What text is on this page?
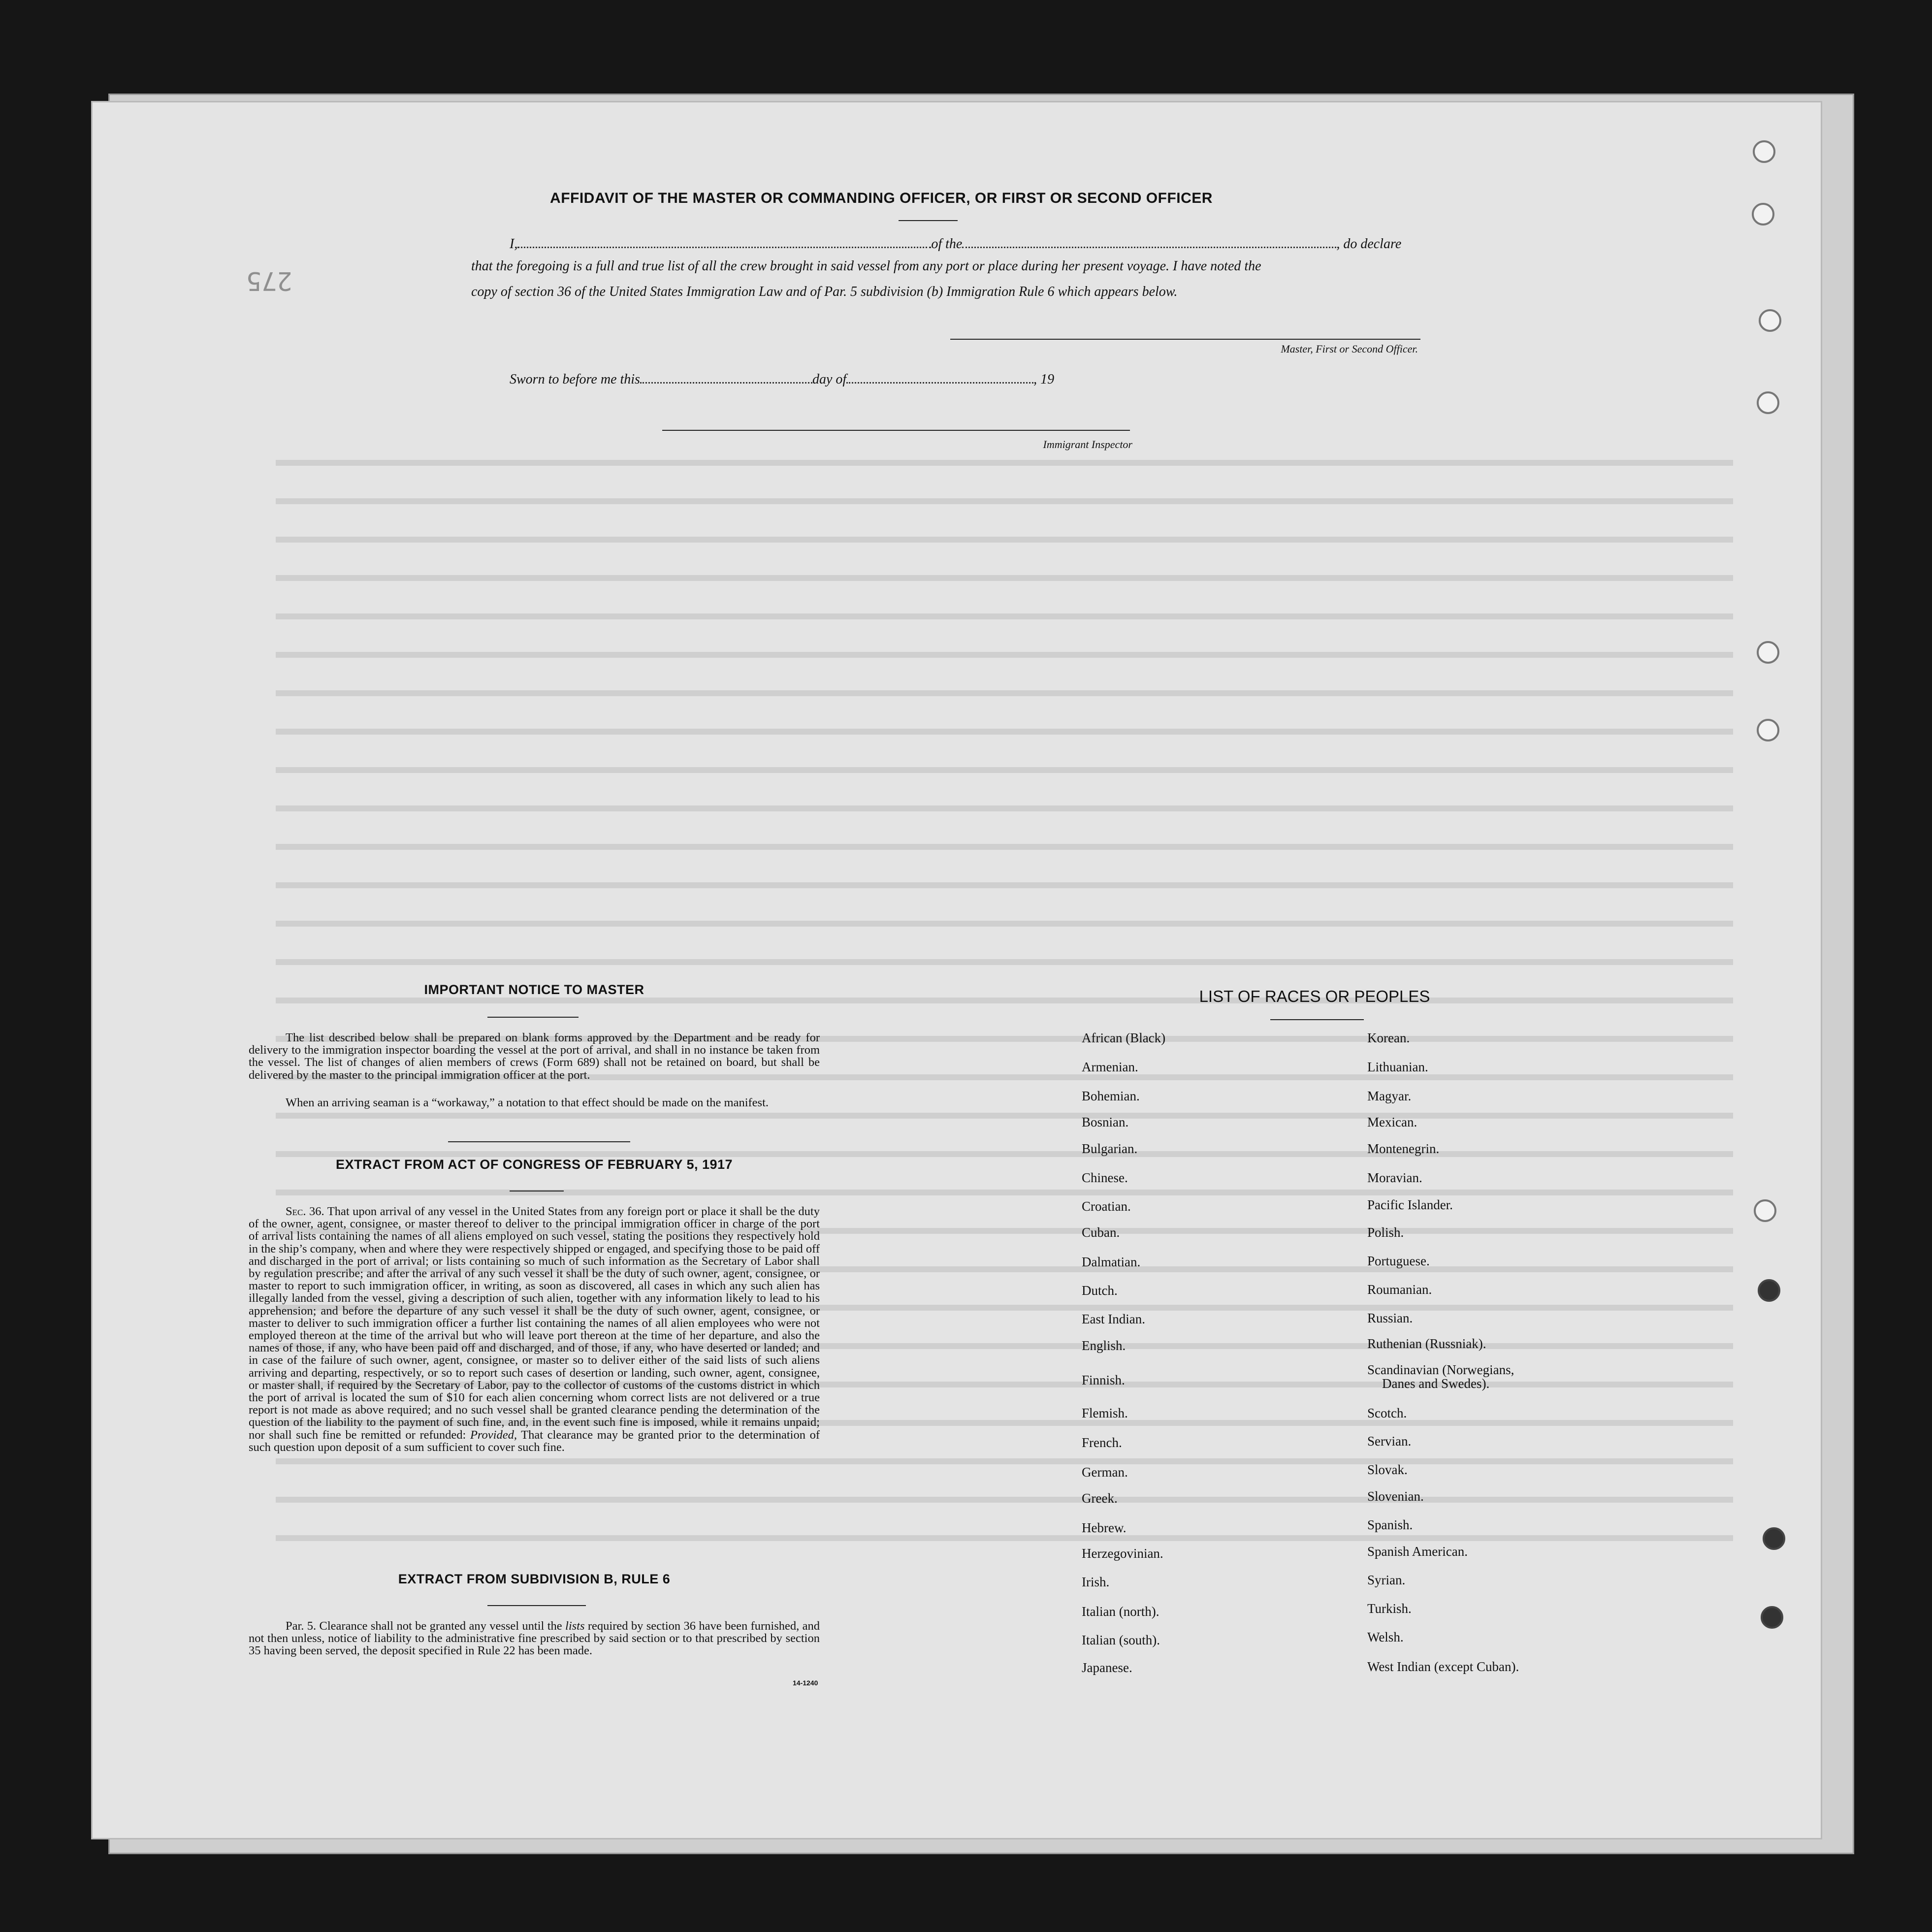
275
AFFIDAVIT OF THE MASTER OR COMMANDING OFFICER, OR FIRST OR SECOND OFFICER
I,	of the	, do declare
that the foregoing is a full and true list of all the crew brought in said vessel from any port or place during her present voyage. I have noted the
copy of section 36 of the United States Immigration Law and of Par. 5 subdivision (b) Immigration Rule 6 which appears below.
Master, First or Second Officer.
Sworn to before me this	day of	, 19
Immigrant Inspector
IMPORTANT NOTICE TO MASTER
The list described below shall be prepared on blank forms approved by the Department and be ready for delivery to the immigration inspector boarding the vessel at the port of arrival, and shall in no instance be taken from the vessel. The list of changes of alien members of crews (Form 689) shall not be retained on board, but shall be delivered by the master to the principal immigration officer at the port.
When an arriving seaman is a “workaway,” a notation to that effect should be made on the manifest.
EXTRACT FROM ACT OF CONGRESS OF FEBRUARY 5, 1917
Sec. 36. That upon arrival of any vessel in the United States from any foreign port or place it shall be the duty of the owner, agent, consignee, or master thereof to deliver to the principal immigration officer in charge of the port of arrival lists containing the names of all aliens employed on such vessel, stating the positions they respectively hold in the ship’s company, when and where they were respectively shipped or engaged, and specifying those to be paid off and discharged in the port of arrival; or lists containing so much of such information as the Secretary of Labor shall by regulation prescribe; and after the arrival of any such vessel it shall be the duty of such owner, agent, consignee, or master to report to such immigration officer, in writing, as soon as discovered, all cases in which any such alien has illegally landed from the vessel, giving a description of such alien, together with any information likely to lead to his apprehension; and before the departure of any such vessel it shall be the duty of such owner, agent, consignee, or master to deliver to such immigration officer a further list containing the names of all alien employees who were not employed thereon at the time of the arrival but who will leave port thereon at the time of her departure, and also the names of those, if any, who have been paid off and discharged, and of those, if any, who have deserted or landed; and in case of the failure of such owner, agent, consignee, or master so to deliver either of the said lists of such aliens arriving and departing, respectively, or so to report such cases of desertion or landing, such owner, agent, consignee, or master shall, if required by the Secretary of Labor, pay to the collector of customs of the customs district in which the port of arrival is located the sum of $10 for each alien concerning whom correct lists are not delivered or a true report is not made as above required; and no such vessel shall be granted clearance pending the determination of the question of the liability to the payment of such fine, and, in the event such fine is imposed, while it remains unpaid; nor shall such fine be remitted or refunded: Provided, That clearance may be granted prior to the determination of such question upon deposit of a sum sufficient to cover such fine.
EXTRACT FROM SUBDIVISION B, RULE 6
Par. 5. Clearance shall not be granted any vessel until the lists required by section 36 have been furnished, and not then unless, notice of liability to the administrative fine prescribed by said section or to that prescribed by section 35 having been served, the deposit specified in Rule 22 has been made.
14-1240
LIST OF RACES OR PEOPLES
African (Black)
Armenian.
Bohemian.
Bosnian.
Bulgarian.
Chinese.
Croatian.
Cuban.
Dalmatian.
Dutch.
East Indian.
English.
Finnish.
Flemish.
French.
German.
Greek.
Hebrew.
Herzegovinian.
Irish.
Italian (north).
Italian (south).
Japanese.
Korean.
Lithuanian.
Magyar.
Mexican.
Montenegrin.
Moravian.
Pacific Islander.
Polish.
Portuguese.
Roumanian.
Russian.
Ruthenian (Russniak).
Scandinavian (Norwegians,
Danes and Swedes).
Scotch.
Servian.
Slovak.
Slovenian.
Spanish.
Spanish American.
Syrian.
Turkish.
Welsh.
West Indian (except Cuban).
